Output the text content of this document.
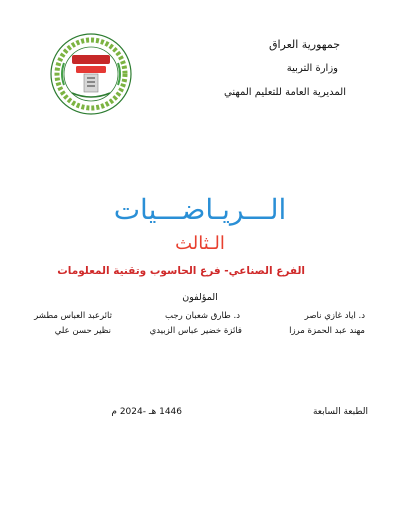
جمهورية العراق
وزارة التربية
المديرية العامة للتعليم المهني
الـــريـاضـــيات
الـثالث
الفرع الصناعي- فرع الحاسوب وتقنية المعلومات
المؤلفون
د. اياد غازي ناصر
د. طارق شعبان رجب
ثائرعبد العباس مطشر
مهند عبد الحمزة مرزا
فائزة خضير عباس الزبيدي
نظير حسن علي
الطبعة السابعة
1446 هـ -2024 م
